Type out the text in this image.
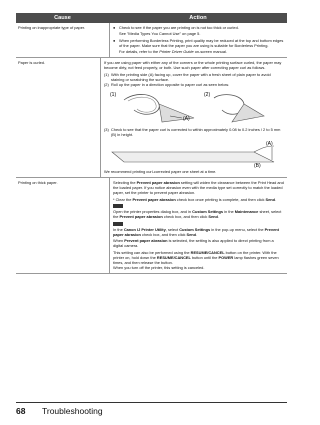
Cause	Action
Printing on inappropriate type of paper.	● Check to see if the paper you are printing on is not too thick or curled.
See "Media Types You Cannot Use" on page 5.
● When performing Borderless Printing, print quality may be reduced at the top and bottom edges of the paper. Make sure that the paper you are using is suitable for Borderless Printing.
For details, refer to the Printer Driver Guide on-screen manual.
Paper is curled.	If you are using paper with either any of the corners or the whole printing surface curled, the paper may become dirty, not feed properly, or both. Use such paper after correcting paper curl as follows.
(1) With the printing side (A) facing up, cover the paper with a fresh sheet of plain paper to avoid staining or scratching the surface.
(2) Roll up the paper in a direction opposite to paper curl as seen below.
(1)	(2)
(A)
(3) Check to see that the paper curl is corrected to within approximately 0.08 to 0.2 inches / 2 to 5 mm (B) in height.
(A)
(B)
We recommend printing curl-corrected paper one sheet at a time.
Printing on thick paper.	Selecting the Prevent paper abrasion setting will widen the clearance between the Print Head and the loaded paper. If you notice abrasion even with the media type set correctly to match the loaded paper, set the printer to prevent paper abrasion.
* Clear the Prevent paper abrasion check box once printing is complete, and then click Send.
Open the printer properties dialog box, and in Custom Settings in the Maintenance sheet, select the Prevent paper abrasion check box, and then click Send.
In the Canon IJ Printer Utility, select Custom Settings in the pop-up menu, select the Prevent paper abrasion check box, and then click Send.
When Prevent paper abrasion is selected, the setting is also applied to direct printing from a digital camera.
This setting can also be performed using the RESUME/CANCEL button on the printer. With the printer on, hold down the RESUME/CANCEL button until the POWER lamp flashes green seven times, and then release the button.
When you turn off the printer, this setting is canceled.
68 Troubleshooting
